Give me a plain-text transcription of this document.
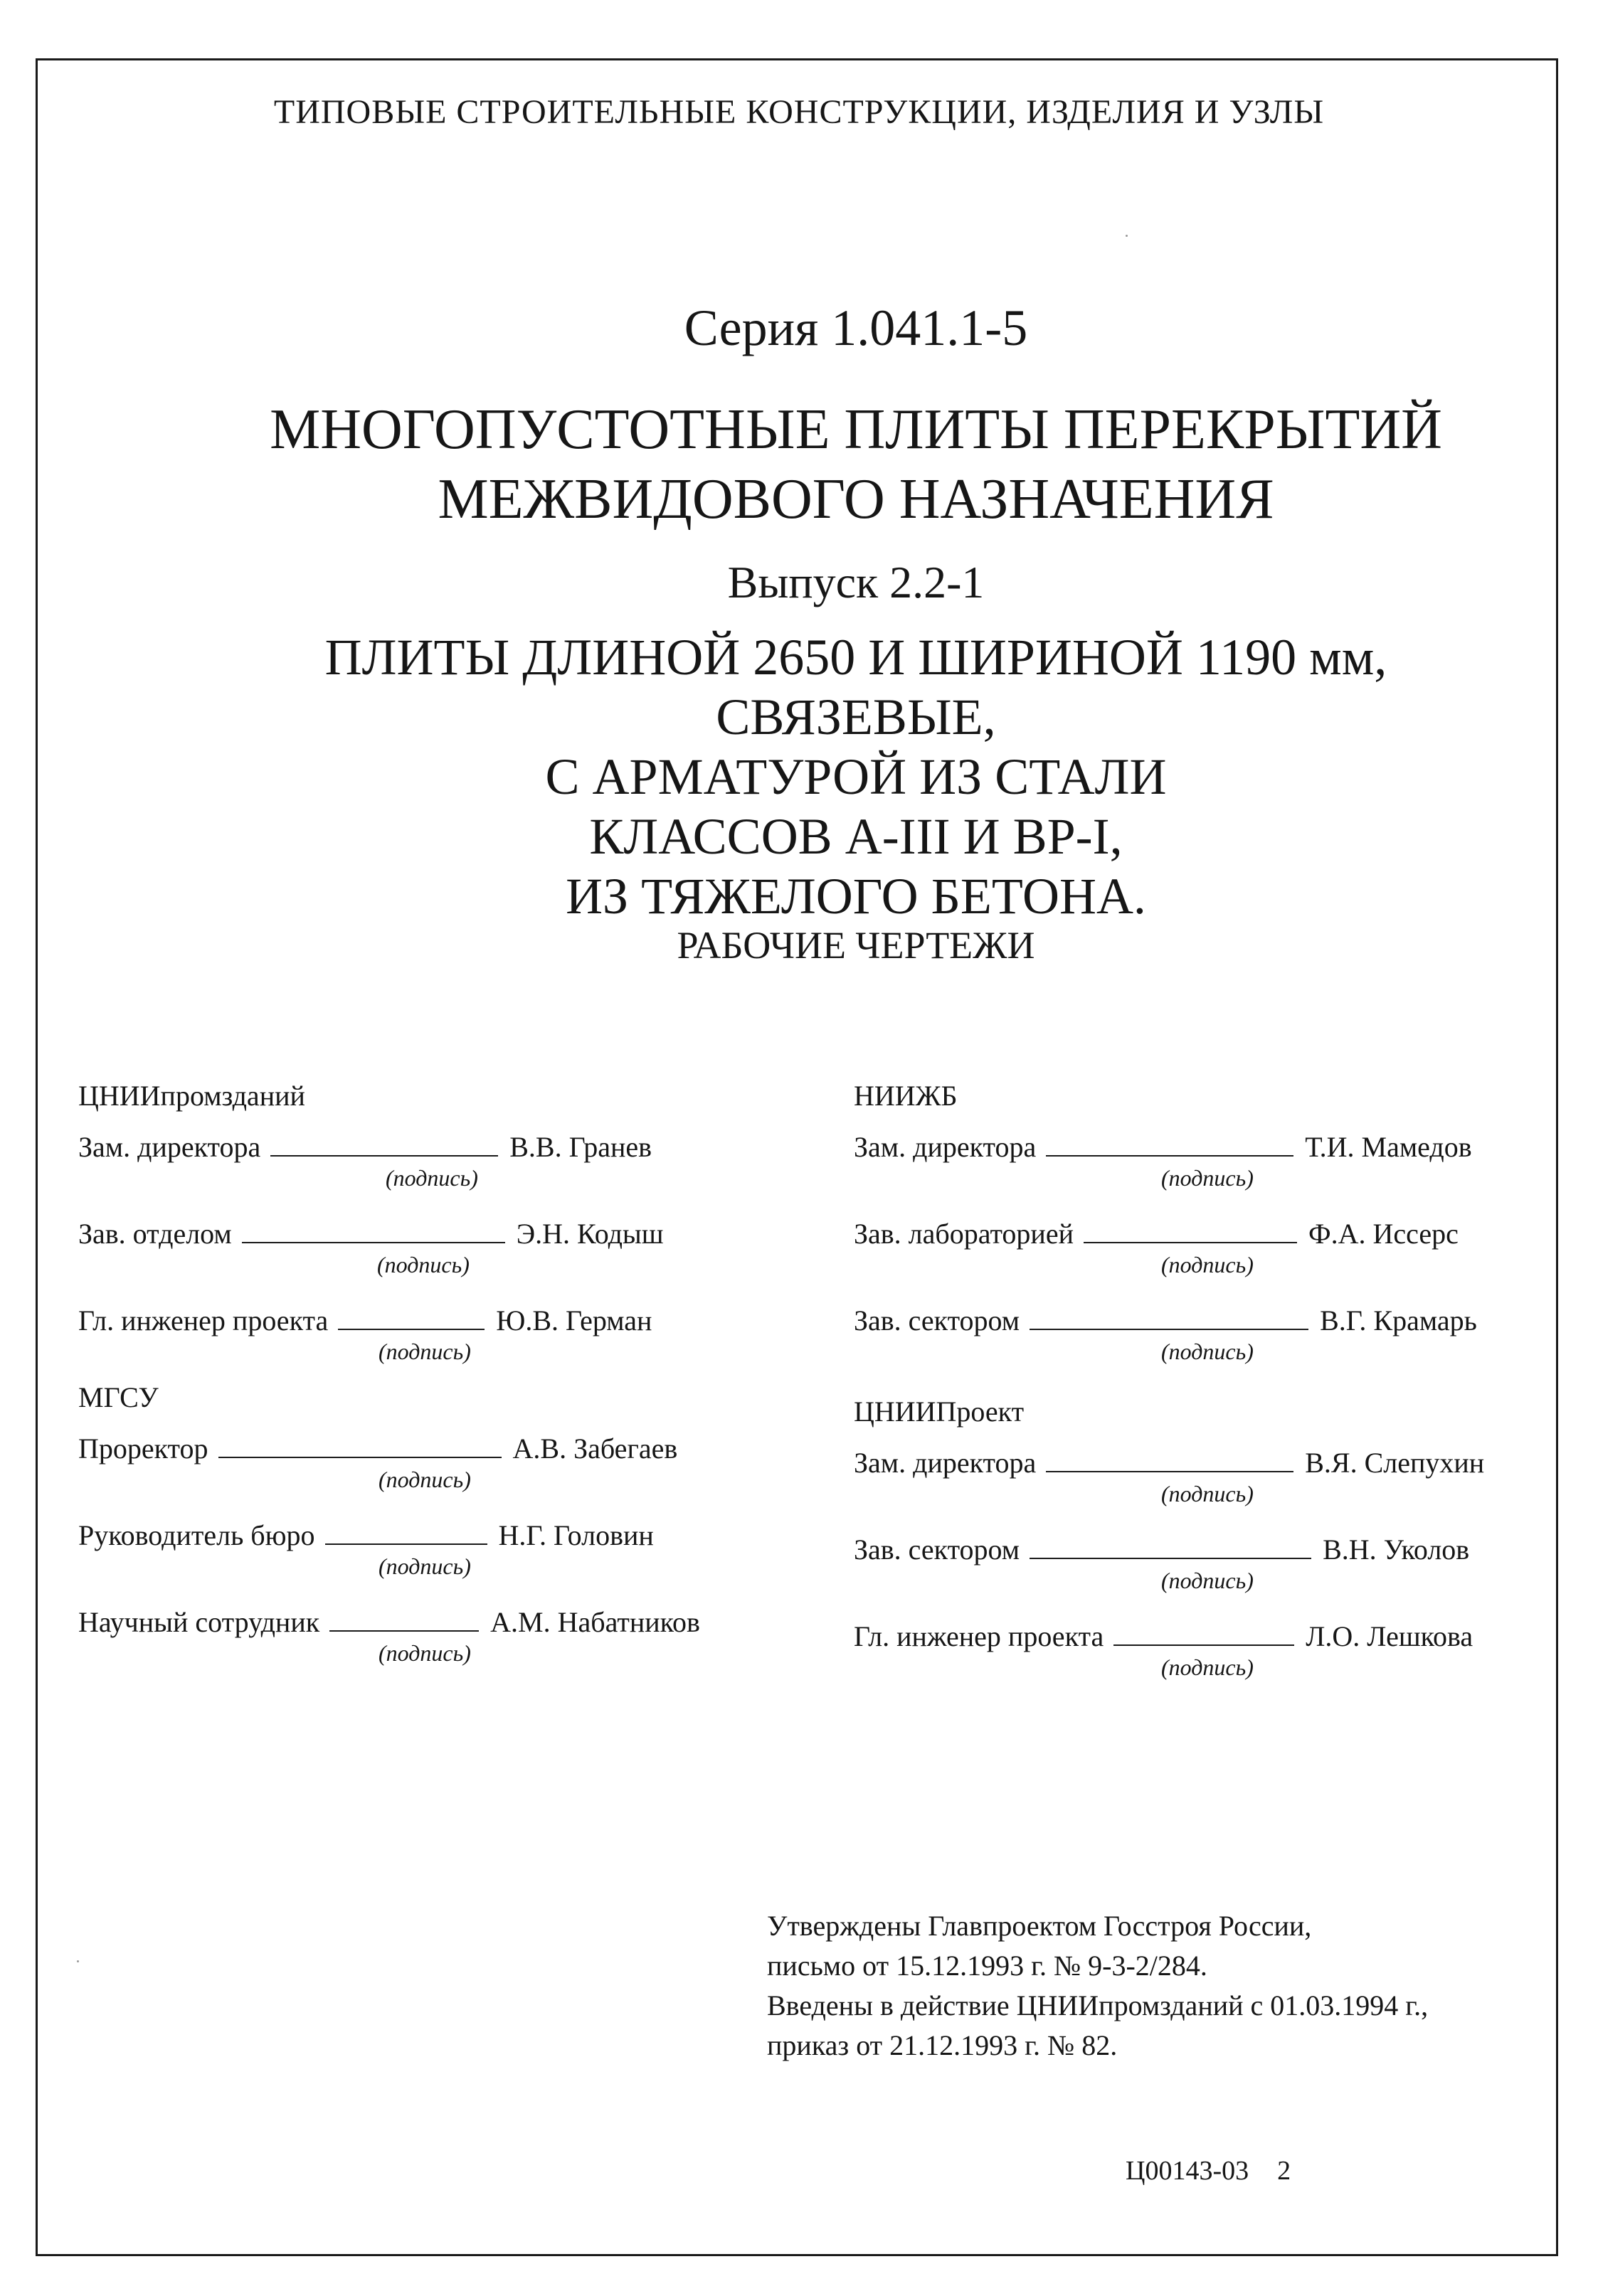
ТИПОВЫЕ СТРОИТЕЛЬНЫЕ КОНСТРУКЦИИ, ИЗДЕЛИЯ И УЗЛЫ
Серия 1.041.1-5
МНОГОПУСТОТНЫЕ ПЛИТЫ ПЕРЕКРЫТИЙ
МЕЖВИДОВОГО НАЗНАЧЕНИЯ
Выпуск 2.2-1
ПЛИТЫ ДЛИНОЙ 2650 И ШИРИНОЙ 1190 мм,
СВЯЗЕВЫЕ,
С АРМАТУРОЙ ИЗ СТАЛИ
КЛАССОВ А-III И ВР-I,
ИЗ ТЯЖЕЛОГО БЕТОНА.
РАБОЧИЕ ЧЕРТЕЖИ
ЦНИИпромзданий
Зам. директора	В.В. Гранев
(подпись)
Зав. отделом	Э.Н. Кодыш
(подпись)
Гл. инженер проекта	Ю.В. Герман
(подпись)
МГСУ
Проректор	А.В. Забегаев
(подпись)
Руководитель бюро	Н.Г. Головин
(подпись)
Научный сотрудник	А.М. Набатников
(подпись)
НИИЖБ
Зам. директора	Т.И. Мамедов
(подпись)
Зав. лабораторией	Ф.А. Иссерс
(подпись)
Зав. сектором	В.Г. Крамарь
(подпись)
ЦНИИПроект
Зам. директора	В.Я. Слепухин
(подпись)
Зав. сектором	В.Н. Уколов
(подпись)
Гл. инженер проекта	Л.О. Лешкова
(подпись)
Утверждены Главпроектом Госстроя России,
письмо от 15.12.1993 г. № 9-3-2/284.
Введены в действие ЦНИИпромзданий с 01.03.1994 г.,
приказ от 21.12.1993 г. № 82.
Ц00143-03 2
